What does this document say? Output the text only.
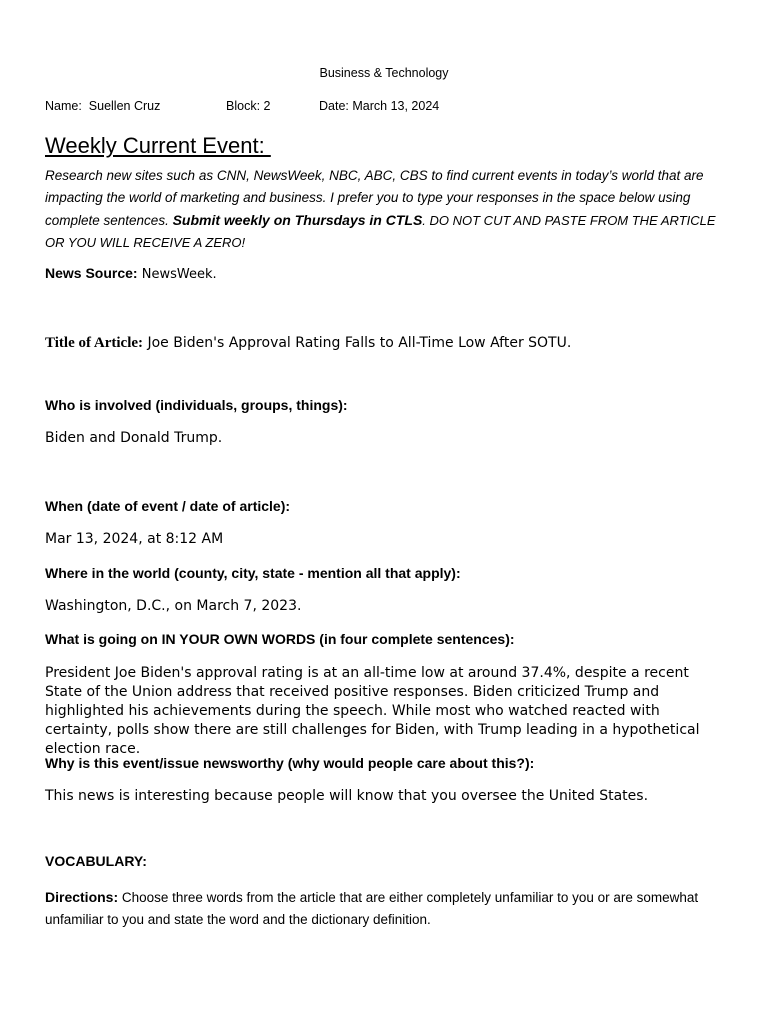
Business & Technology
Name: Suellen Cruz	Block: 2	Date: March 13, 2024
Weekly Current Event:
Research new sites such as CNN, NewsWeek, NBC, ABC, CBS to find current events in today’s world that are impacting the world of marketing and business. I prefer you to type your responses in the space below using complete sentences. Submit weekly on Thursdays in CTLS. DO NOT CUT AND PASTE FROM THE ARTICLE OR YOU WILL RECEIVE A ZERO!
News Source: NewsWeek.
Title of Article: Joe Biden's Approval Rating Falls to All-Time Low After SOTU.
Who is involved (individuals, groups, things):
Biden and Donald Trump.
When (date of event / date of article):
Mar 13, 2024, at 8:12 AM
Where in the world (county, city, state - mention all that apply):
Washington, D.C., on March 7, 2023.
What is going on IN YOUR OWN WORDS (in four complete sentences):
President Joe Biden's approval rating is at an all-time low at around 37.4%, despite a recent State of the Union address that received positive responses. Biden criticized Trump and highlighted his achievements during the speech. While most who watched reacted with certainty, polls show there are still challenges for Biden, with Trump leading in a hypothetical election race.
Why is this event/issue newsworthy (why would people care about this?):
This news is interesting because people will know that you oversee the United States.
VOCABULARY:
Directions: Choose three words from the article that are either completely unfamiliar to you or are somewhat unfamiliar to you and state the word and the dictionary definition.
